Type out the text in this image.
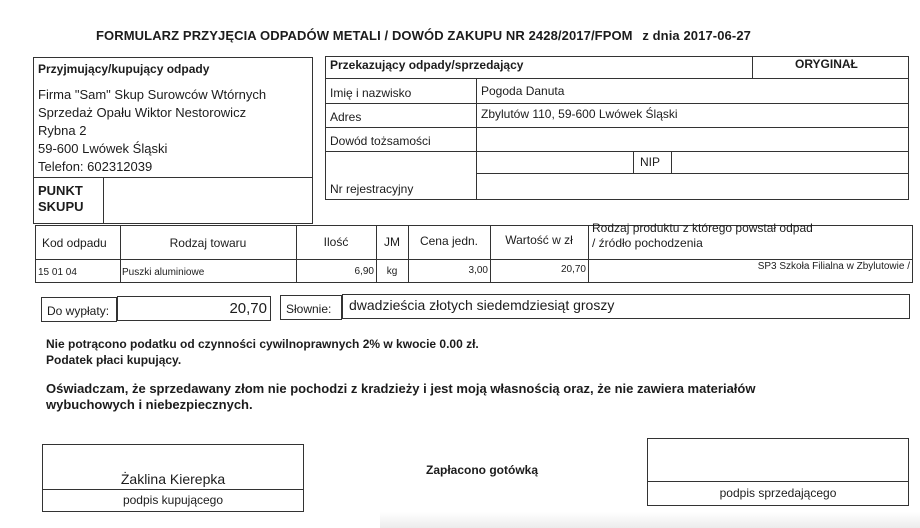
FORMULARZ PRZYJĘCIA ODPADÓW METALI / DOWÓD ZAKUPU NR 2428/2017/FPOM z dnia 2017-06-27
Przyjmujący/kupujący odpady
Firma "Sam" Skup Surowców Wtórnych
Sprzedaż Opału Wiktor Nestorowicz
Rybna 2
59-600 Lwówek Śląski
Telefon: 602312039
PUNKT
SKUPU
Przekazujący odpady/sprzedający	ORYGINAŁ
Imię i nazwisko	Pogoda Danuta
Adres	Zbylutów 110, 59-600 Lwówek Śląski
Dowód tożsamości
NIP
Nr rejestracyjny
Kod odpadu	Rodzaj towaru	Ilość	JM	Cena jedn.	Wartość w zł
Rodzaj produktu z którego powstał odpad
/ źródło pochodzenia
15 01 04	Puszki aluminiowe	6,90	kg	3,00	20,70	SP3 Szkoła Filialna w Zbylutowie /
Do wypłaty:	20,70 Słownie: dwadzieścia złotych siedemdziesiąt groszy
Nie potrącono podatku od czynności cywilnoprawnych 2% w kwocie 0.00 zł.
Podatek płaci kupujący.
Oświadczam, że sprzedawany złom nie pochodzi z kradzieży i jest moją własnością oraz, że nie zawiera materiałów
wybuchowych i niebezpiecznych.
Żaklina Kierepka
podpis kupującego
Zapłacono gotówką
podpis sprzedającego
